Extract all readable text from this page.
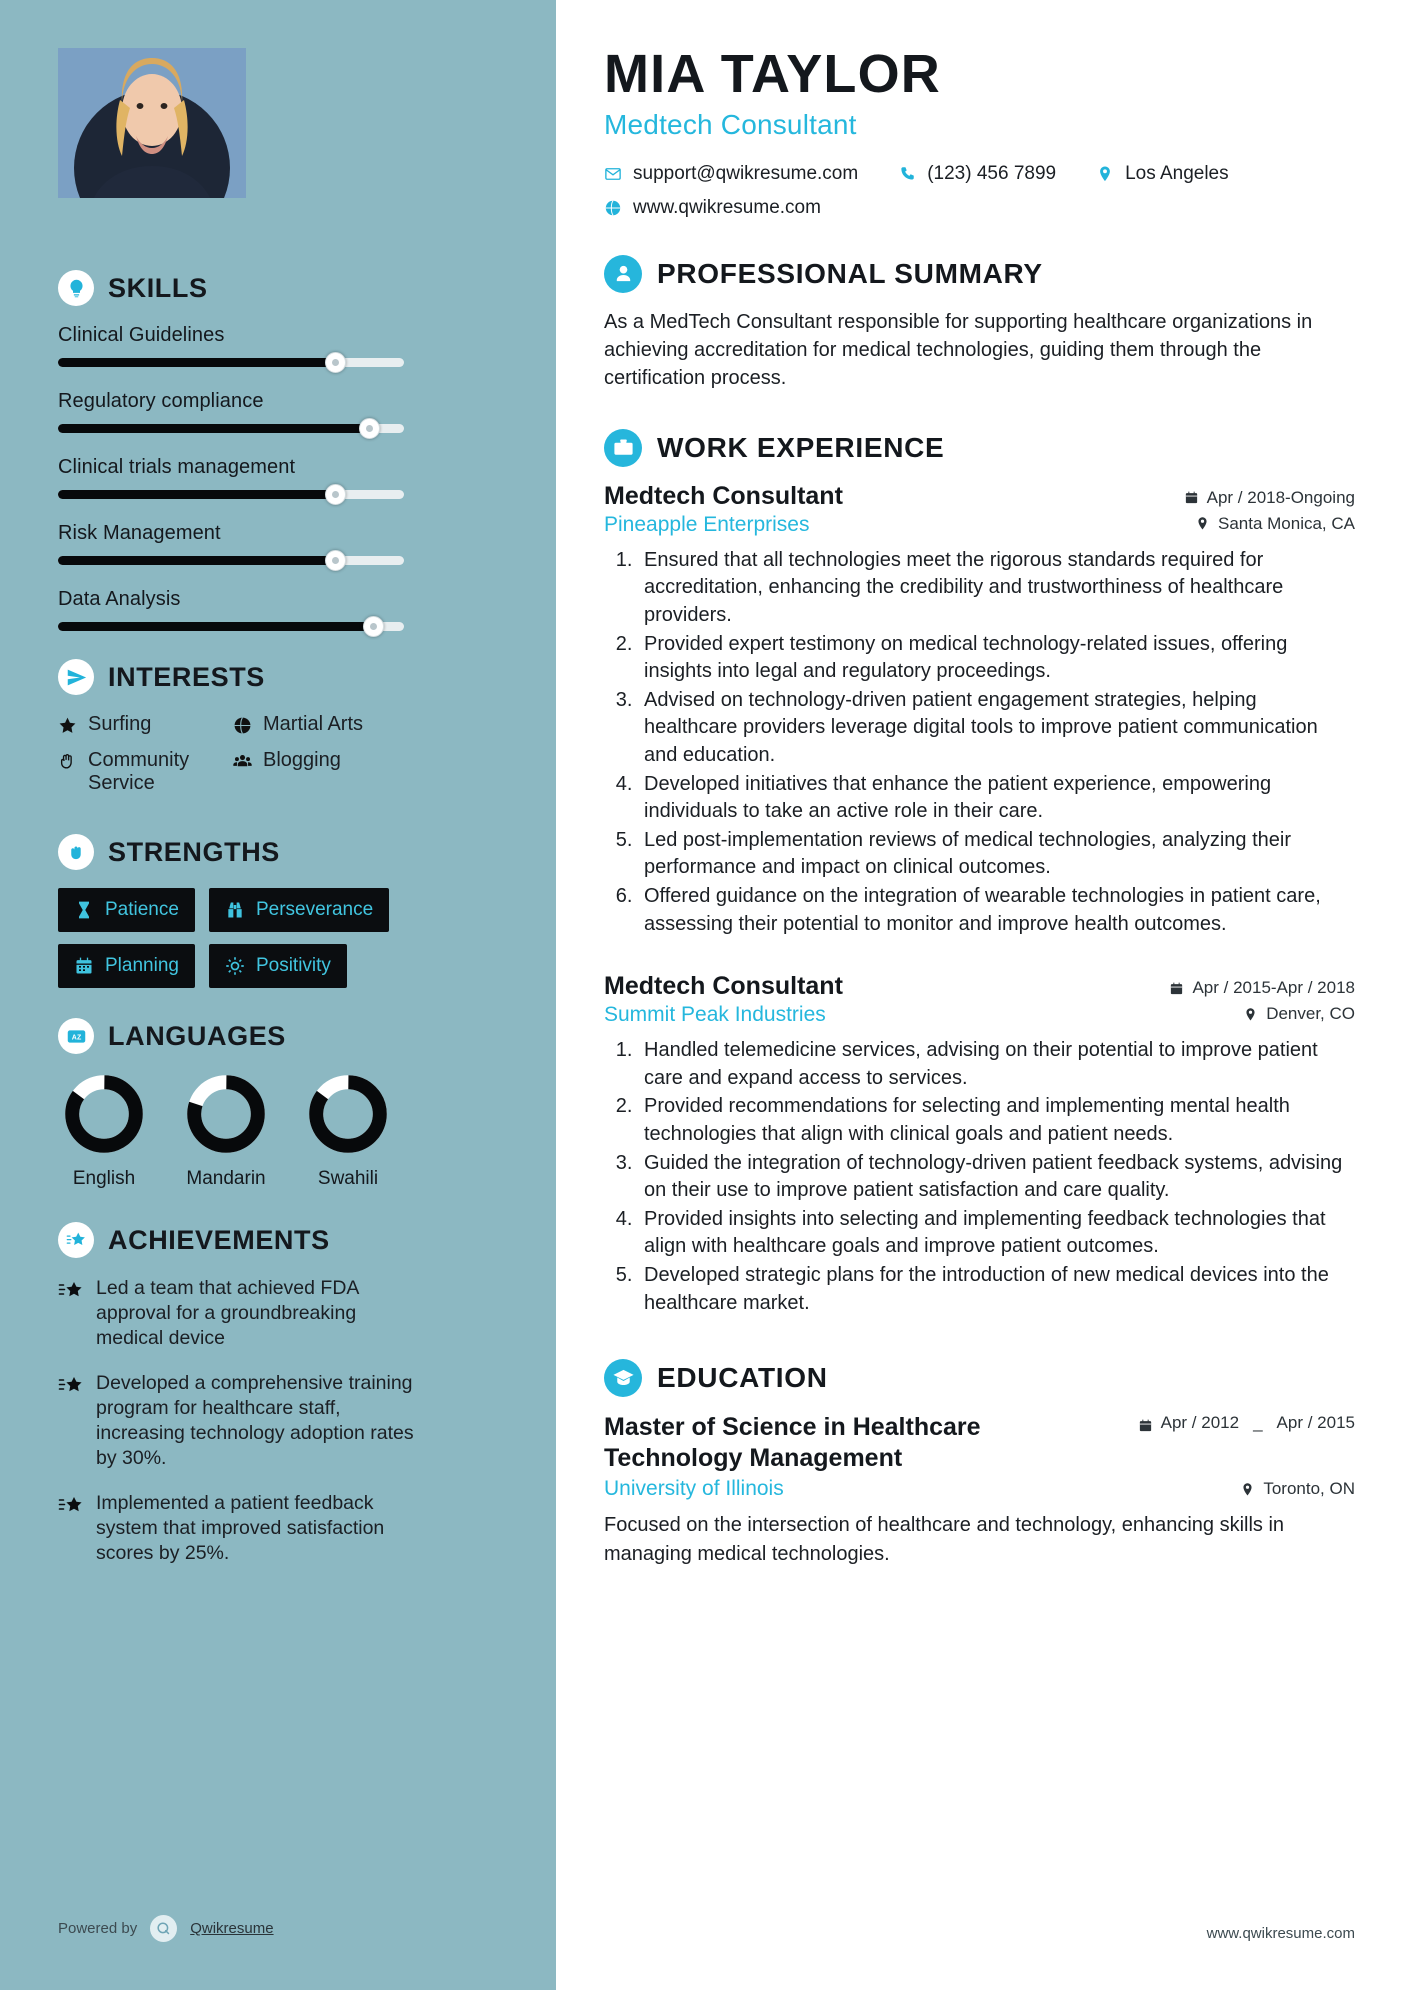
SKILLS
Clinical Guidelines
Regulatory compliance
Clinical trials management
Risk Management
Data Analysis
INTERESTS
Surfing	Martial Arts
Community Service
Blogging
STRENGTHS
Patience	Perseverance
Planning	Positivity
A Z LANGUAGES
English	Mandarin	Swahili
ACHIEVEMENTS
Led a team that achieved FDA approval for a groundbreaking medical device
Developed a comprehensive training program for healthcare staff, increasing technology adoption rates by 30%.
Implemented a patient feedback system that improved satisfaction scores by 25%.
Powered by	Qwikresume
MIA TAYLOR
Medtech Consultant
support@qwikresume.com	(123) 456 7899	Los Angeles
www.qwikresume.com
PROFESSIONAL SUMMARY

As a MedTech Consultant responsible for supporting healthcare organizations in achieving accreditation for medical technologies, guiding them through the certification process.

WORK EXPERIENCE
Medtech Consultant
Pineapple Enterprises
Apr / 2018-Ongoing
Santa Monica, CA
1. Ensured that all technologies meet the rigorous standards required for accreditation, enhancing the credibility and trustworthiness of healthcare providers.
2. Provided expert testimony on medical technology-related issues, offering insights into legal and regulatory proceedings.
3. Advised on technology-driven patient engagement strategies, helping healthcare providers leverage digital tools to improve patient communication and education.
4. Developed initiatives that enhance the patient experience, empowering individuals to take an active role in their care.
5. Led post-implementation reviews of medical technologies, analyzing their performance and impact on clinical outcomes.
6. Offered guidance on the integration of wearable technologies in patient care, assessing their potential to monitor and improve health outcomes.
Medtech Consultant
Summit Peak Industries
Apr / 2015-Apr / 2018
Denver, CO
1. Handled telemedicine services, advising on their potential to improve patient care and expand access to services.
2. Provided recommendations for selecting and implementing mental health technologies that align with clinical goals and patient needs.
3. Guided the integration of technology-driven patient feedback systems, advising on their use to improve patient satisfaction and care quality.
4. Provided insights into selecting and implementing feedback technologies that align with healthcare goals and improve patient outcomes.
5. Developed strategic plans for the introduction of new medical devices into the healthcare market.
EDUCATION
Master of Science in Healthcare Technology Management
Apr / 2012 _ Apr / 2015
University of Illinois	Toronto, ON

Focused on the intersection of healthcare and technology, enhancing skills in managing medical technologies.

www.qwikresume.com
